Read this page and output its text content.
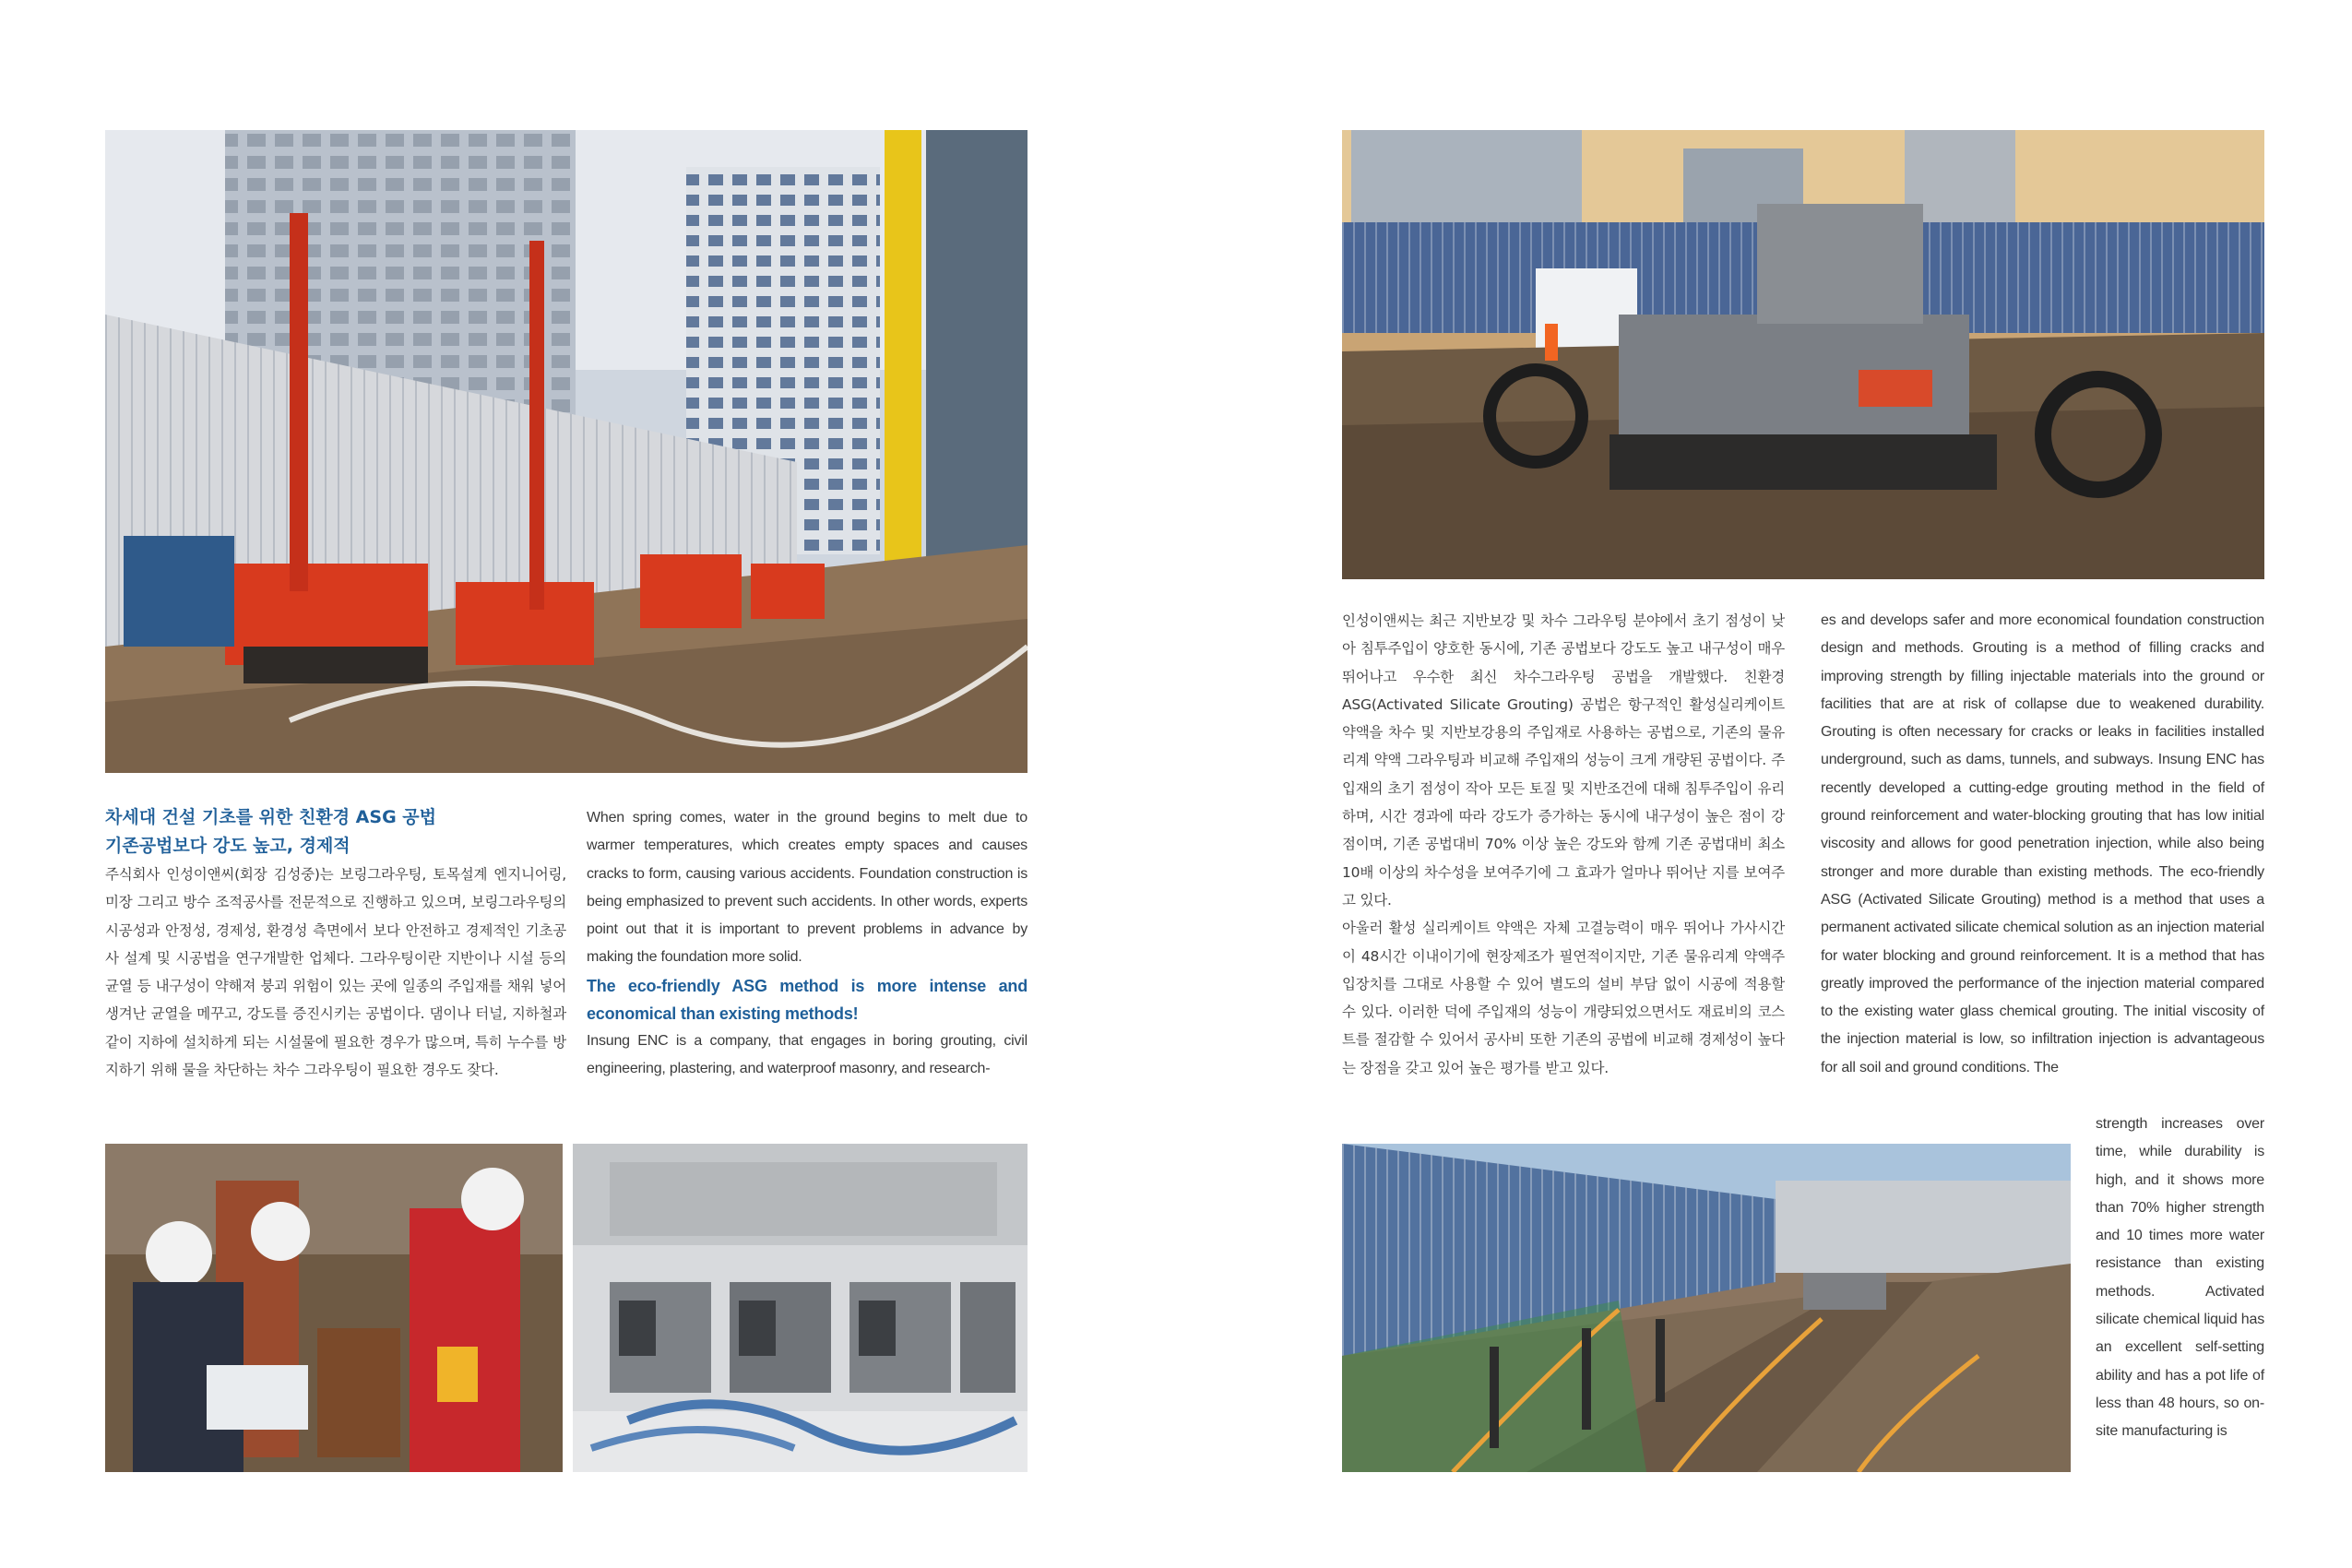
차세대 건설 기초를 위한 친환경 ASG 공법
기존공법보다 강도 높고, 경제적

주식회사 인성이앤씨(회장 김성중)는 보링그라우팅, 토목설계 엔지니어링, 미장 그리고 방수 조적공사를 전문적으로 진행하고 있으며, 보링그라우팅의 시공성과 안정성, 경제성, 환경성 측면에서 보다 안전하고 경제적인 기초공사 설계 및 시공법을 연구개발한 업체다. 그라우팅이란 지반이나 시설 등의 균열 등 내구성이 약해져 붕괴 위험이 있는 곳에 일종의 주입재를 채워 넣어 생겨난 균열을 메꾸고, 강도를 증진시키는 공법이다. 댐이나 터널, 지하철과 같이 지하에 설치하게 되는 시설물에 필요한 경우가 많으며, 특히 누수를 방지하기 위해 물을 차단하는 차수 그라우팅이 필요한 경우도 잦다.

When spring comes, water in the ground begins to melt due to warmer temperatures, which creates empty spaces and causes cracks to form, causing various accidents. Foundation construction is being emphasized to prevent such accidents. In other words, experts point out that it is important to prevent problems in advance by making the foundation more solid.

The eco-friendly ASG method is more intense and economical than existing methods!

Insung ENC is a company, that engages in boring grouting, civil engineering, plastering, and waterproof masonry, and research-

인성이앤씨는 최근 지반보강 및 차수 그라우팅 분야에서 초기 점성이 낮아 침투주입이 양호한 동시에, 기존 공법보다 강도도 높고 내구성이 매우 뛰어나고 우수한 최신 차수그라우팅 공법을 개발했다. 친환경ASG(Activated Silicate Grouting) 공법은 항구적인 활성실리케이트 약액을 차수 및 지반보강용의 주입재로 사용하는 공법으로, 기존의 물유리계 약액 그라우팅과 비교해 주입재의 성능이 크게 개량된 공법이다. 주입재의 초기 점성이 작아 모든 토질 및 지반조건에 대해 침투주입이 유리하며, 시간 경과에 따라 강도가 증가하는 동시에 내구성이 높은 점이 강점이며, 기존 공법대비 70% 이상 높은 강도와 함께 기존 공법대비 최소 10배 이상의 차수성을 보여주기에 그 효과가 얼마나 뛰어난 지를 보여주고 있다.

아울러 활성 실리케이트 약액은 자체 고결능력이 매우 뛰어나 가사시간이 48시간 이내이기에 현장제조가 필연적이지만, 기존 물유리계 약액주입장치를 그대로 사용할 수 있어 별도의 설비 부담 없이 시공에 적용할 수 있다. 이러한 덕에 주입재의 성능이 개량되었으면서도 재료비의 코스트를 절감할 수 있어서 공사비 또한 기존의 공법에 비교해 경제성이 높다는 장점을 갖고 있어 높은 평가를 받고 있다.

es and develops safer and more economical foundation construction design and methods. Grouting is a method of filling cracks and improving strength by filling injectable materials into the ground or facilities that are at risk of collapse due to weakened durability. Grouting is often necessary for cracks or leaks in facilities installed underground, such as dams, tunnels, and subways. Insung ENC has recently developed a cutting-edge grouting method in the field of ground reinforcement and water-blocking grouting that has low initial viscosity and allows for good penetration injection, while also being stronger and more durable than existing methods. The eco-friendly ASG (Activated Silicate Grouting) method is a method that uses a permanent activated silicate chemical solution as an injection material for water blocking and ground reinforcement. It is a method that has greatly improved the performance of the injection material compared to the existing water glass chemical grouting. The initial viscosity of the injection material is low, so infiltration injection is advantageous for all soil and ground conditions. The

strength increases over time, while durability is high, and it shows more than 70% higher strength and 10 times more water resistance than existing methods. Activated silicate chemical liquid has an excellent self-setting ability and has a pot life of less than 48 hours, so on-site manufacturing is
